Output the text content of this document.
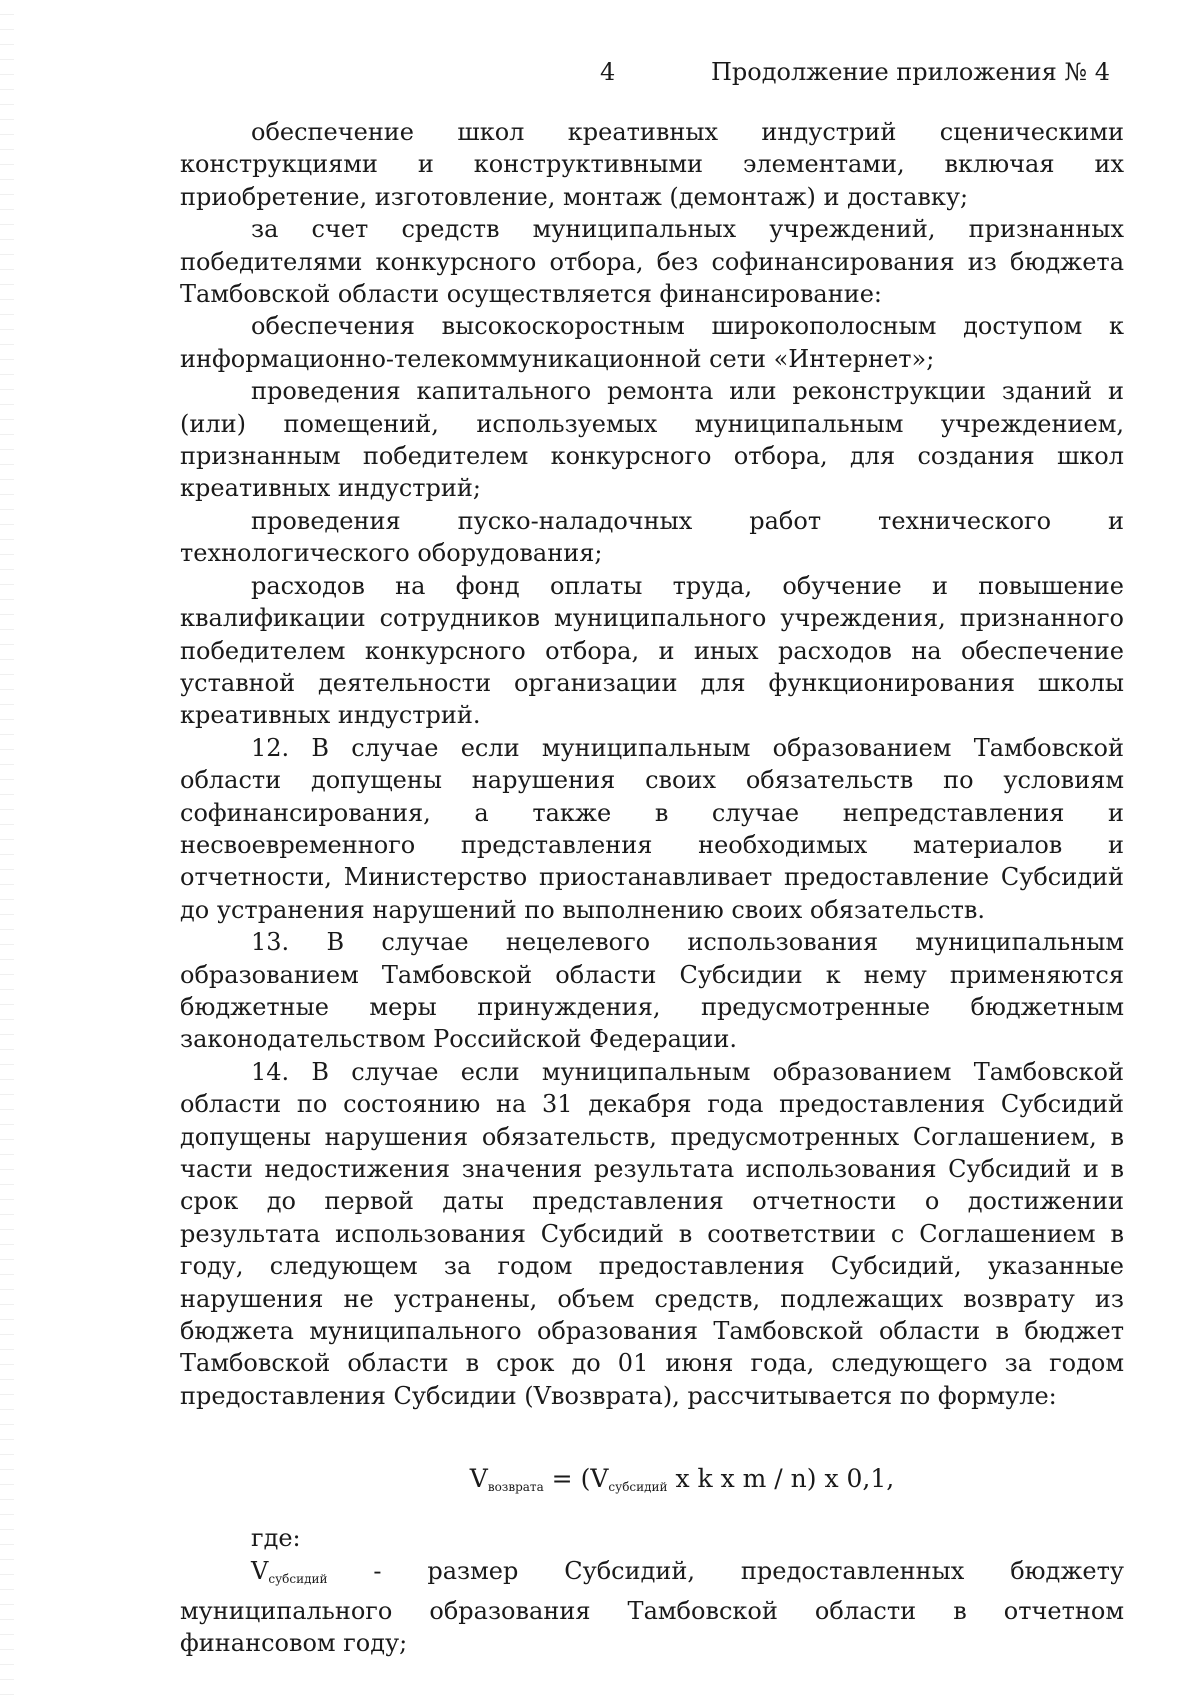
4	Продолжение приложения № 4

обеспечение школ креативных индустрий сценическими конструкциями и конструктивными элементами, включая их приобретение, изготовление, монтаж (демонтаж) и доставку;

за счет средств муниципальных учреждений, признанных победителями конкурсного отбора, без софинансирования из бюджета Тамбовской области осуществляется финансирование:

обеспечения высокоскоростным широкополосным доступом к информационно-телекоммуникационной сети «Интернет»;

проведения капитального ремонта или реконструкции зданий и (или) помещений, используемых муниципальным учреждением, признанным победителем конкурсного отбора, для создания школ креативных индустрий;

проведения пуско-наладочных работ технического и технологического оборудования;

расходов на фонд оплаты труда, обучение и повышение квалификации сотрудников муниципального учреждения, признанного победителем конкурсного отбора, и иных расходов на обеспечение уставной деятельности организации для функционирования школы креативных индустрий.

12. В случае если муниципальным образованием Тамбовской области допущены нарушения своих обязательств по условиям софинансирования, а также в случае непредставления и несвоевременного представления необходимых материалов и отчетности, Министерство приостанавливает предоставление Субсидий до устранения нарушений по выполнению своих обязательств.

13. В случае нецелевого использования муниципальным образованием Тамбовской области Субсидии к нему применяются бюджетные меры принуждения, предусмотренные бюджетным законодательством Российской Федерации.

14. В случае если муниципальным образованием Тамбовской области по состоянию на 31 декабря года предоставления Субсидий допущены нарушения обязательств, предусмотренных Соглашением, в части недостижения значения результата использования Субсидий и в срок до первой даты представления отчетности о достижении результата использования Субсидий в соответствии с Соглашением в году, следующем за годом предоставления Субсидий, указанные нарушения не устранены, объем средств, подлежащих возврату из бюджета муниципального образования Тамбовской области в бюджет Тамбовской области в срок до 01 июня года, следующего за годом предоставления Субсидии (Vвозврата), рассчитывается по формуле:

$V_{возврата} = (V_{субсидий}$ x k x m / n) x 0,1,

где:

Vсубсидий - размер Субсидий, предоставленных бюджету муниципального образования Тамбовской области в отчетном финансовом году;
